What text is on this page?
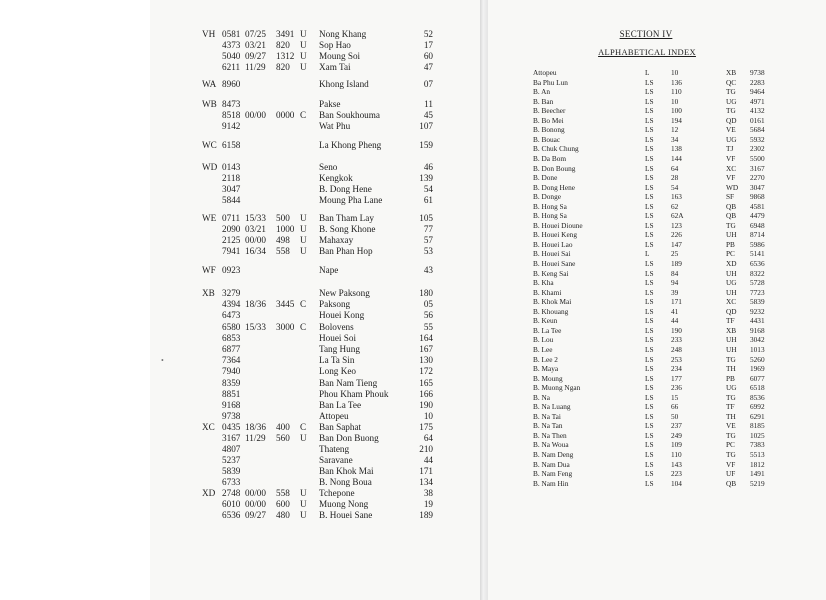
VH 0581 07/25 3491 U Nong Khang	52
4373 03/21 820 U Sop Hao	17
5040 09/27 1312 U Moung Soi	60
6211 11/29 820 U Xam Tai	47
WA 8960	Khong Island	07
WB 8473	Pakse	11
8518 00/00 0000 C Ban Soukhouma	45
9142	Wat Phu	107
WC 6158	La Khong Pheng	159
WD 0143	Seno	46
2118	Kengkok	139
3047	B. Dong Hene	54
5844	Moung Pha Lane	61
WE 0711 15/33 500 U Ban Tham Lay	105
2090 03/21 1000 U B. Song Khone	77
2125 00/00 498 U Mahaxay	57
7941 16/34 558 U Ban Phan Hop	53
WF 0923	Nape	43
XB 3279	New Paksong	180
4394 18/36 3445 C Paksong	05
6473	Houei Kong	56
6580 15/33 3000 C Bolovens	55
6853	Houei Soi	164
6877	Tang Hung	167
7364	La Ta Sin	130
7940	Long Keo	172
8359	Ban Nam Tieng	165
8851	Phou Kham Phouk	166
9168	Ban La Tee	190
9738	Attopeu	10
XC 0435 18/36 400 C Ban Saphat	175
3167 11/29 560 U Ban Don Buong	64
4807	Thateng	210
5237	Saravane	44
5839	Ban Khok Mai	171
6733	B. Nong Boua	134
XD 2748 00/00 558 U Tchepone	38
6010 00/00 600 U Muong Nong	19
6536 09/27 480 U B. Houei Sane	189
SECTION IV
ALPHABETICAL INDEX
Attopeu	L	10	XB 9738
Ba Phu Lun	LS 136	QC 2283
B. An	LS 110	TG 9464
B. Ban	LS 10	UG 4971
B. Beecher	LS 100	TG 4132
B. Bo Mei	LS 194	QD 0161
B. Bonong	LS 12	VE 5684
B. Bouac	LS 34	UG 5932
B. Chuk Chung	LS 138	TJ 2302
B. Da Bom	LS 144	VF 5500
B. Don Boung	LS 64	XC 3167
B. Done	LS 28	VF 2270
B. Dong Hene	LS 54	WD 3047
B. Donge	LS 163	SF 9868
B. Hong Sa	LS 62	QB 4581
B. Hong Sa	LS 62A	QB 4479
B. Houei Dioune	LS 123	TG 6948
B. Houei Keng	LS 226	UH 8714
B. Houei Lao	LS 147	PB 5986
B. Houei Sai	L	25	PC 5141
B. Houei Sane	LS 189	XD 6536
B. Keng Sai	LS 84	UH 8322
B. Kha	LS 94	UG 5728
B. Khami	LS 39	UH 7723
B. Khok Mai	LS 171	XC 5839
B. Khouang	LS 41	QD 9232
B. Keun	LS 44	TF 4431
B. La Tee	LS 190	XB 9168
B. Lou	LS 233	UH 3042
B. Lee	LS 248	UH 1013
B. Lee 2	LS 253	TG 5260
B. Maya	LS 234	TH 1969
B. Moung	LS 177	PB 6077
B. Muong Ngan	LS 236	UG 6518
B. Na	LS 15	TG 8536
B. Na Luang	LS 66	TF 6992
B. Na Tai	LS 50	TH 6291
B. Na Tan	LS 237	VE 8185
B. Na Then	LS 249	TG 1025
B. Na Woua	LS 109	PC 7383
B. Nam Deng	LS 110	TG 5513
B. Nam Dua	LS 143	VF 1812
B. Nam Feng	LS 223	UF 1491
B. Nam Hin	LS 104	QB 5219
•
